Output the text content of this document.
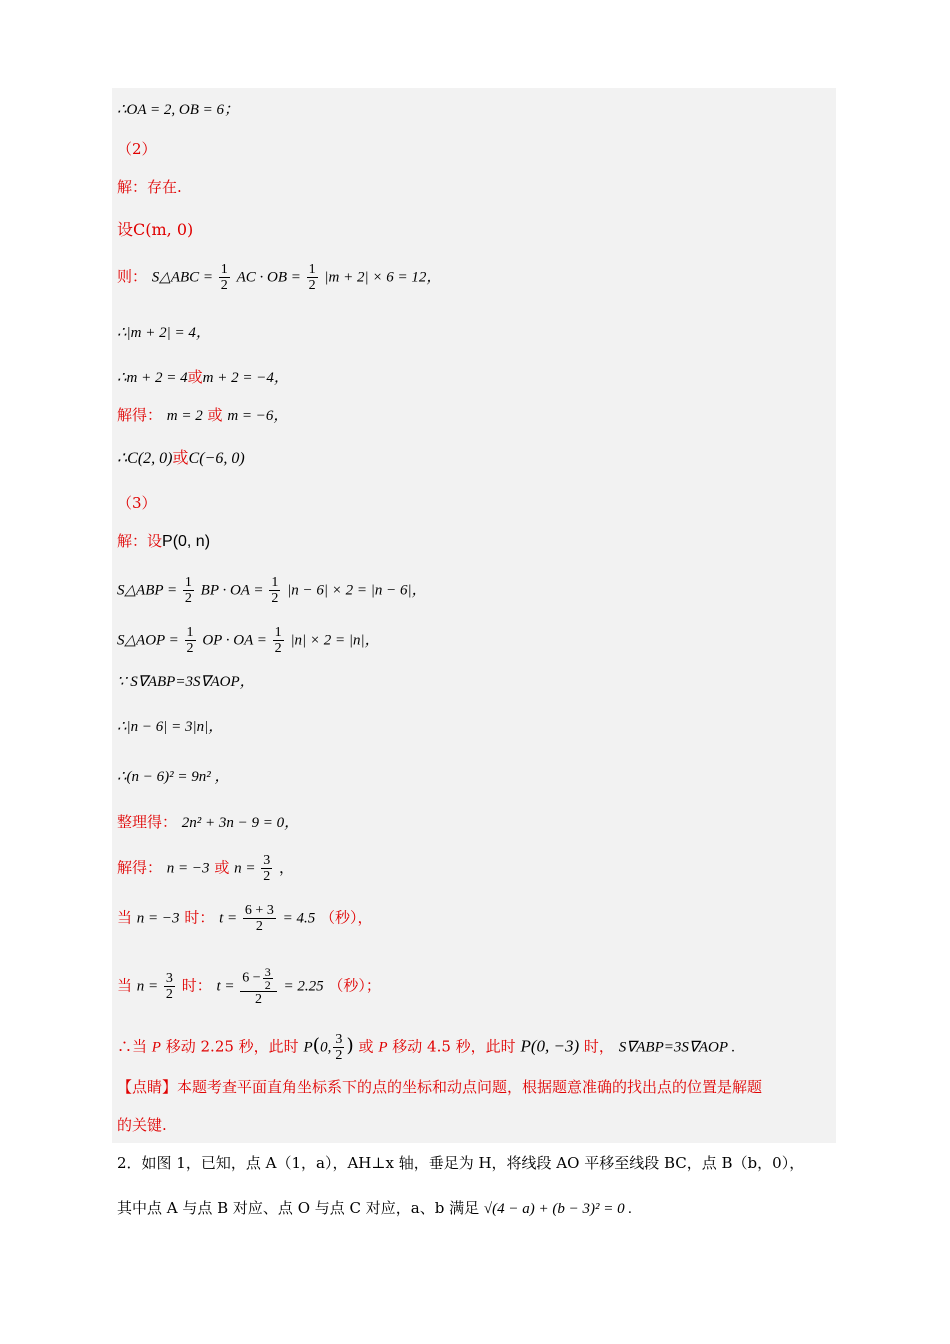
∴OA = 2, OB = 6；
（2）
解：存在.
设C(m, 0)
则： S△ABC = $\frac{1}{2}$ AC · OB = $\frac{1}{2} |m + 2| \times 6 = 12$，
∴|m + 2| = 4，
∴m + 2 = 4或m + 2 = −4，
解得： m = 2 或 m = −6，
∴C(2, 0)或C(−6, 0)
（3）
解：设P(0, n)
S△ABP = $\frac{1}{2}$ BP · OA = $\frac{1}{2} |n - 6| \times 2 = |n - 6|$，
S△AOP = $\frac{1}{2}$ OP · OA = $\frac{1}{2} |n| \times 2 = |n|$，
∵ S∇ABP=3S∇AOP，
∴|n − 6| = 3|n|，
∴(n − 6)² = 9n² ，
整理得： 2n² + 3n − 9 = 0，
解得： n = −3 或 $n = \frac{3}{2}$ ，
当 n = −3 时： $t = \frac{6 + 3}{2} = 4.5$ （秒），
当 $n = \frac{3}{2}$ 时： $t = \frac{6 - \frac{3}{2}}{2} = 2.25$ （秒）；
∴当 P 移动 2.25 秒，此时 P(0, $\frac{3}{2}$ ) 或 P 移动 4.5 秒，此时 P(0, −3) 时， S∇ABP=3S∇AOP .
【点睛】本题考查平面直角坐标系下的点的坐标和动点问题，根据题意准确的找出点的位置是解题
的关键.
2．如图 1，已知，点 A（1，a），AH⊥x 轴，垂足为 H，将线段 AO 平移至线段 BC，点 B（b，0），
其中点 A 与点 B 对应、点 O 与点 C 对应，a、b 满足 √(4 − a) + (b − 3)² = 0 .
